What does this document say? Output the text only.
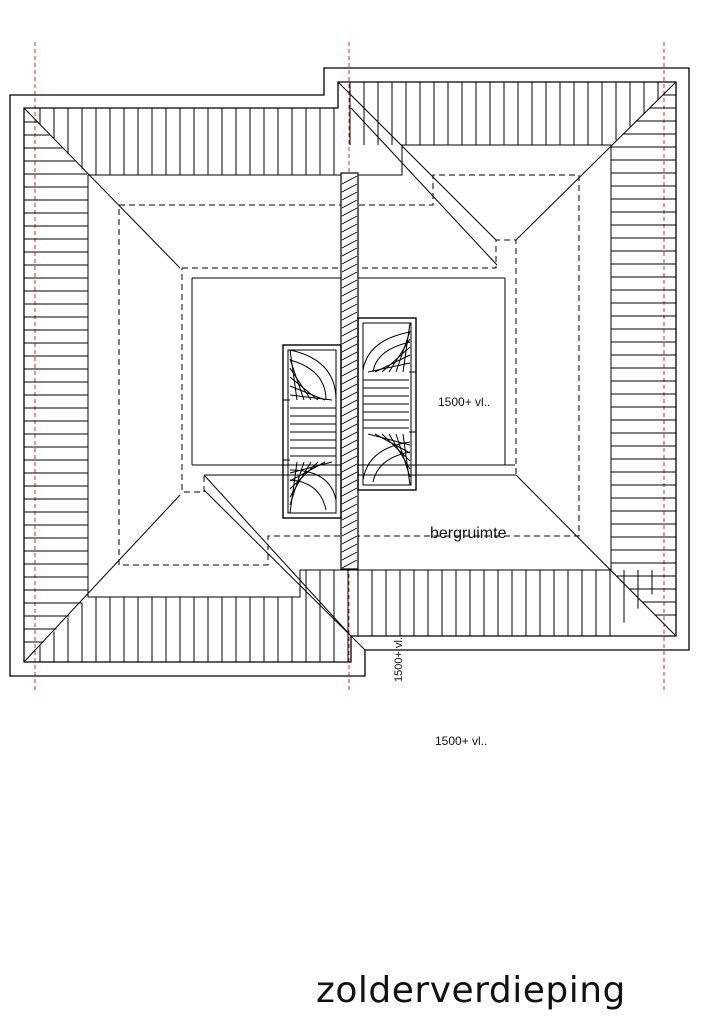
1500+ vl..
bergruimte
1500+ vl..
1500+ vl..
zolderverdieping
